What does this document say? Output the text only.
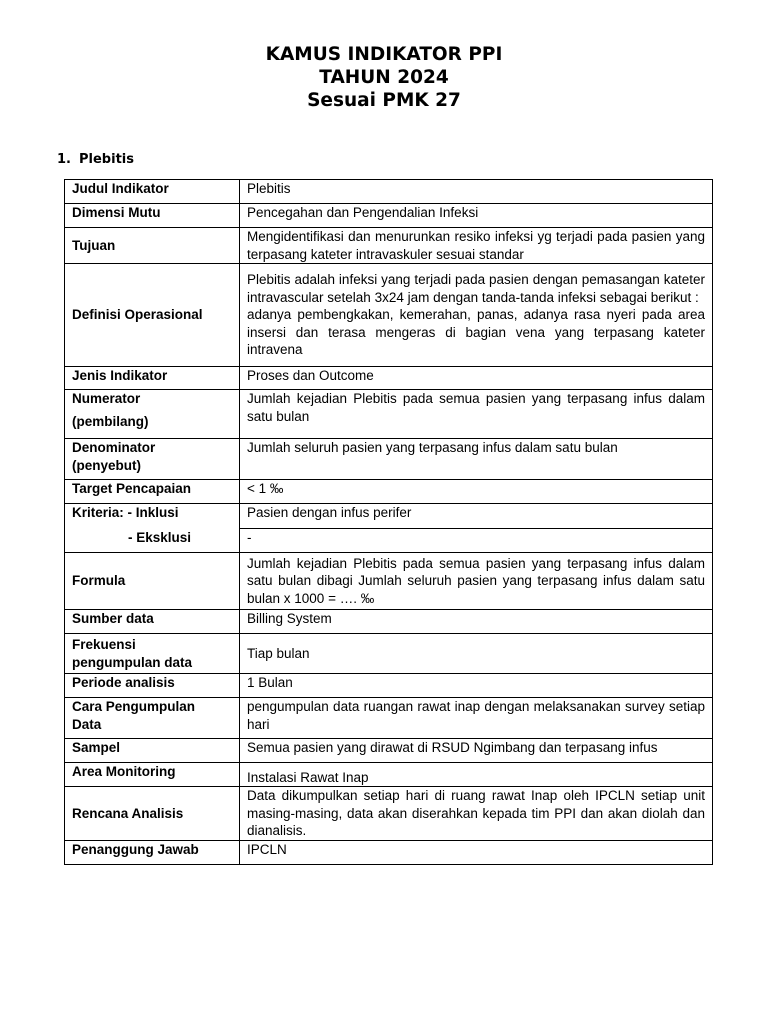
KAMUS INDIKATOR PPI
TAHUN 2024
Sesuai PMK 27
1. Plebitis
Judul Indikator	Plebitis
Dimensi Mutu	Pencegahan dan Pengendalian Infeksi
Tujuan	Mengidentifikasi dan menurunkan resiko infeksi yg terjadi pada pasien yang terpasang kateter intravaskuler sesuai standar
Definisi Operasional	Plebitis adalah infeksi yang terjadi pada pasien dengan pemasangan kateter intravascular setelah 3x24 jam dengan tanda-tanda infeksi sebagai berikut :
adanya pembengkakan, kemerahan, panas, adanya rasa nyeri pada area insersi dan terasa mengeras di bagian vena yang terpasang kateter intravena

Jenis Indikator	Proses dan Outcome

Numerator
(pembilang)	Jumlah kejadian Plebitis pada semua pasien yang terpasang infus dalam satu bulan

Denominator
(penyebut)	Jumlah seluruh pasien yang terpasang infus dalam satu bulan
Target Pencapaian	< 1 ‰
Kriteria: - Inklusi	Pasien dengan infus perifer

- Eksklusi	-
Formula	Jumlah kejadian Plebitis pada semua pasien yang terpasang infus dalam satu bulan dibagi Jumlah seluruh pasien yang terpasang infus dalam satu bulan x 1000 = …. ‰
Sumber data	Billing System

Frekuensi
pengumpulan data	Tiap bulan
Periode analisis	1 Bulan

Cara Pengumpulan
Data	pengumpulan data ruangan rawat inap dengan melaksanakan survey setiap hari
Sampel	Semua pasien yang dirawat di RSUD Ngimbang dan terpasang infus
Area Monitoring	Instalasi Rawat Inap
Rencana Analisis	Data dikumpulkan setiap hari di ruang rawat Inap oleh IPCLN setiap unit masing-masing, data akan diserahkan kepada tim PPI dan akan diolah dan dianalisis.
Penanggung Jawab	IPCLN
